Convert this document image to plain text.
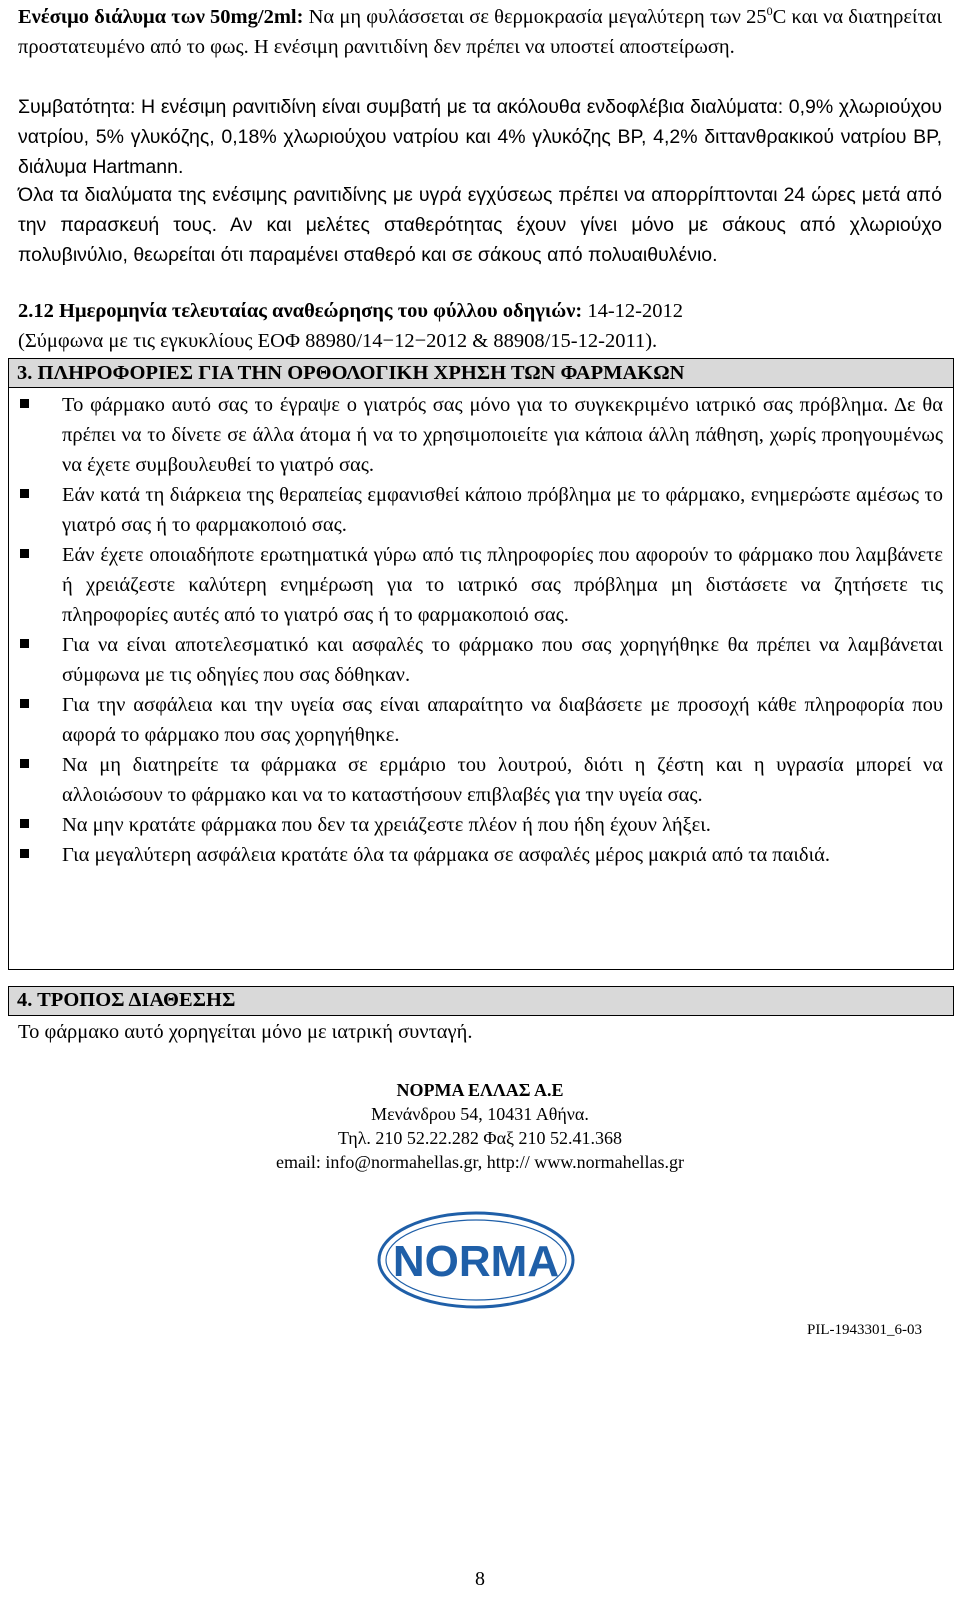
Ενέσιμο διάλυμα των 50mg/2ml: Να μη φυλάσσεται σε θερμοκρασία μεγαλύτερη των $25^0C$ και να διατηρείται προστατευμένο από το φως. Η ενέσιμη ρανιτιδίνη δεν πρέπει να υποστεί αποστείρωση.

Συμβατότητα: Η ενέσιμη ρανιτιδίνη είναι συμβατή με τα ακόλουθα ενδοφλέβια διαλύματα: 0,9% χλωριούχου νατρίου, 5% γλυκόζης, 0,18% χλωριούχου νατρίου και 4% γλυκόζης BP, 4,2% διττανθρακικού νατρίου BP, διάλυμα Hartmann.

Όλα τα διαλύματα της ενέσιμης ρανιτιδίνης με υγρά εγχύσεως πρέπει να απορρίπτονται 24 ώρες μετά από την παρασκευή τους. Αν και μελέτες σταθερότητας έχουν γίνει μόνο με σάκους από χλωριούχο πολυβινύλιο, θεωρείται ότι παραμένει σταθερό και σε σάκους από πολυαιθυλένιο.

2.12 Ημερομηνία τελευταίας αναθεώρησης του φύλλου οδηγιών: 14-12-2012

(Σύμφωνα με τις εγκυκλίους ΕΟΦ 88980/14−12−2012 & 88908/15-12-2011).

3. ΠΛΗΡΟΦΟΡΙΕΣ ΓΙΑ ΤΗΝ ΟΡΘΟΛΟΓΙΚΗ ΧΡΗΣΗ ΤΩΝ ΦΑΡΜΑΚΩΝ
Το φάρμακο αυτό σας το έγραψε ο γιατρός σας μόνο για το συγκεκριμένο ιατρικό σας πρόβλημα. Δε θα πρέπει να το δίνετε σε άλλα άτομα ή να το χρησιμοποιείτε για κάποια άλλη πάθηση, χωρίς προηγουμένως να έχετε συμβουλευθεί το γιατρό σας.
Εάν κατά τη διάρκεια της θεραπείας εμφανισθεί κάποιο πρόβλημα με το φάρμακο, ενημερώστε αμέσως το γιατρό σας ή το φαρμακοποιό σας.
Εάν έχετε οποιαδήποτε ερωτηματικά γύρω από τις πληροφορίες που αφορούν το φάρμακο που λαμβάνετε ή χρειάζεστε καλύτερη ενημέρωση για το ιατρικό σας πρόβλημα μη διστάσετε να ζητήσετε τις πληροφορίες αυτές από το γιατρό σας ή το φαρμακοποιό σας.
Για να είναι αποτελεσματικό και ασφαλές το φάρμακο που σας χορηγήθηκε θα πρέπει να λαμβάνεται σύμφωνα με τις οδηγίες που σας δόθηκαν.
Για την ασφάλεια και την υγεία σας είναι απαραίτητο να διαβάσετε με προσοχή κάθε πληροφορία που αφορά το φάρμακο που σας χορηγήθηκε.
Να μη διατηρείτε τα φάρμακα σε ερμάριο του λουτρού, διότι η ζέστη και η υγρασία μπορεί να αλλοιώσουν το φάρμακο και να το καταστήσουν επιβλαβές για την υγεία σας.
Να μην κρατάτε φάρμακα που δεν τα χρειάζεστε πλέον ή που ήδη έχουν λήξει.
Για μεγαλύτερη ασφάλεια κρατάτε όλα τα φάρμακα σε ασφαλές μέρος μακριά από τα παιδιά.
4. ΤΡΟΠΟΣ ΔΙΑΘΕΣΗΣ
Το φάρμακο αυτό χορηγείται μόνο με ιατρική συνταγή.
ΝΟΡΜΑ ΕΛΛΑΣ Α.Ε
Μενάνδρου 54, 10431 Αθήνα.
Τηλ. 210 52.22.282 Φαξ 210 52.41.368
email: info@normahellas.gr, http:// www.normahellas.gr
NORMA
PIL-1943301_6-03
8
